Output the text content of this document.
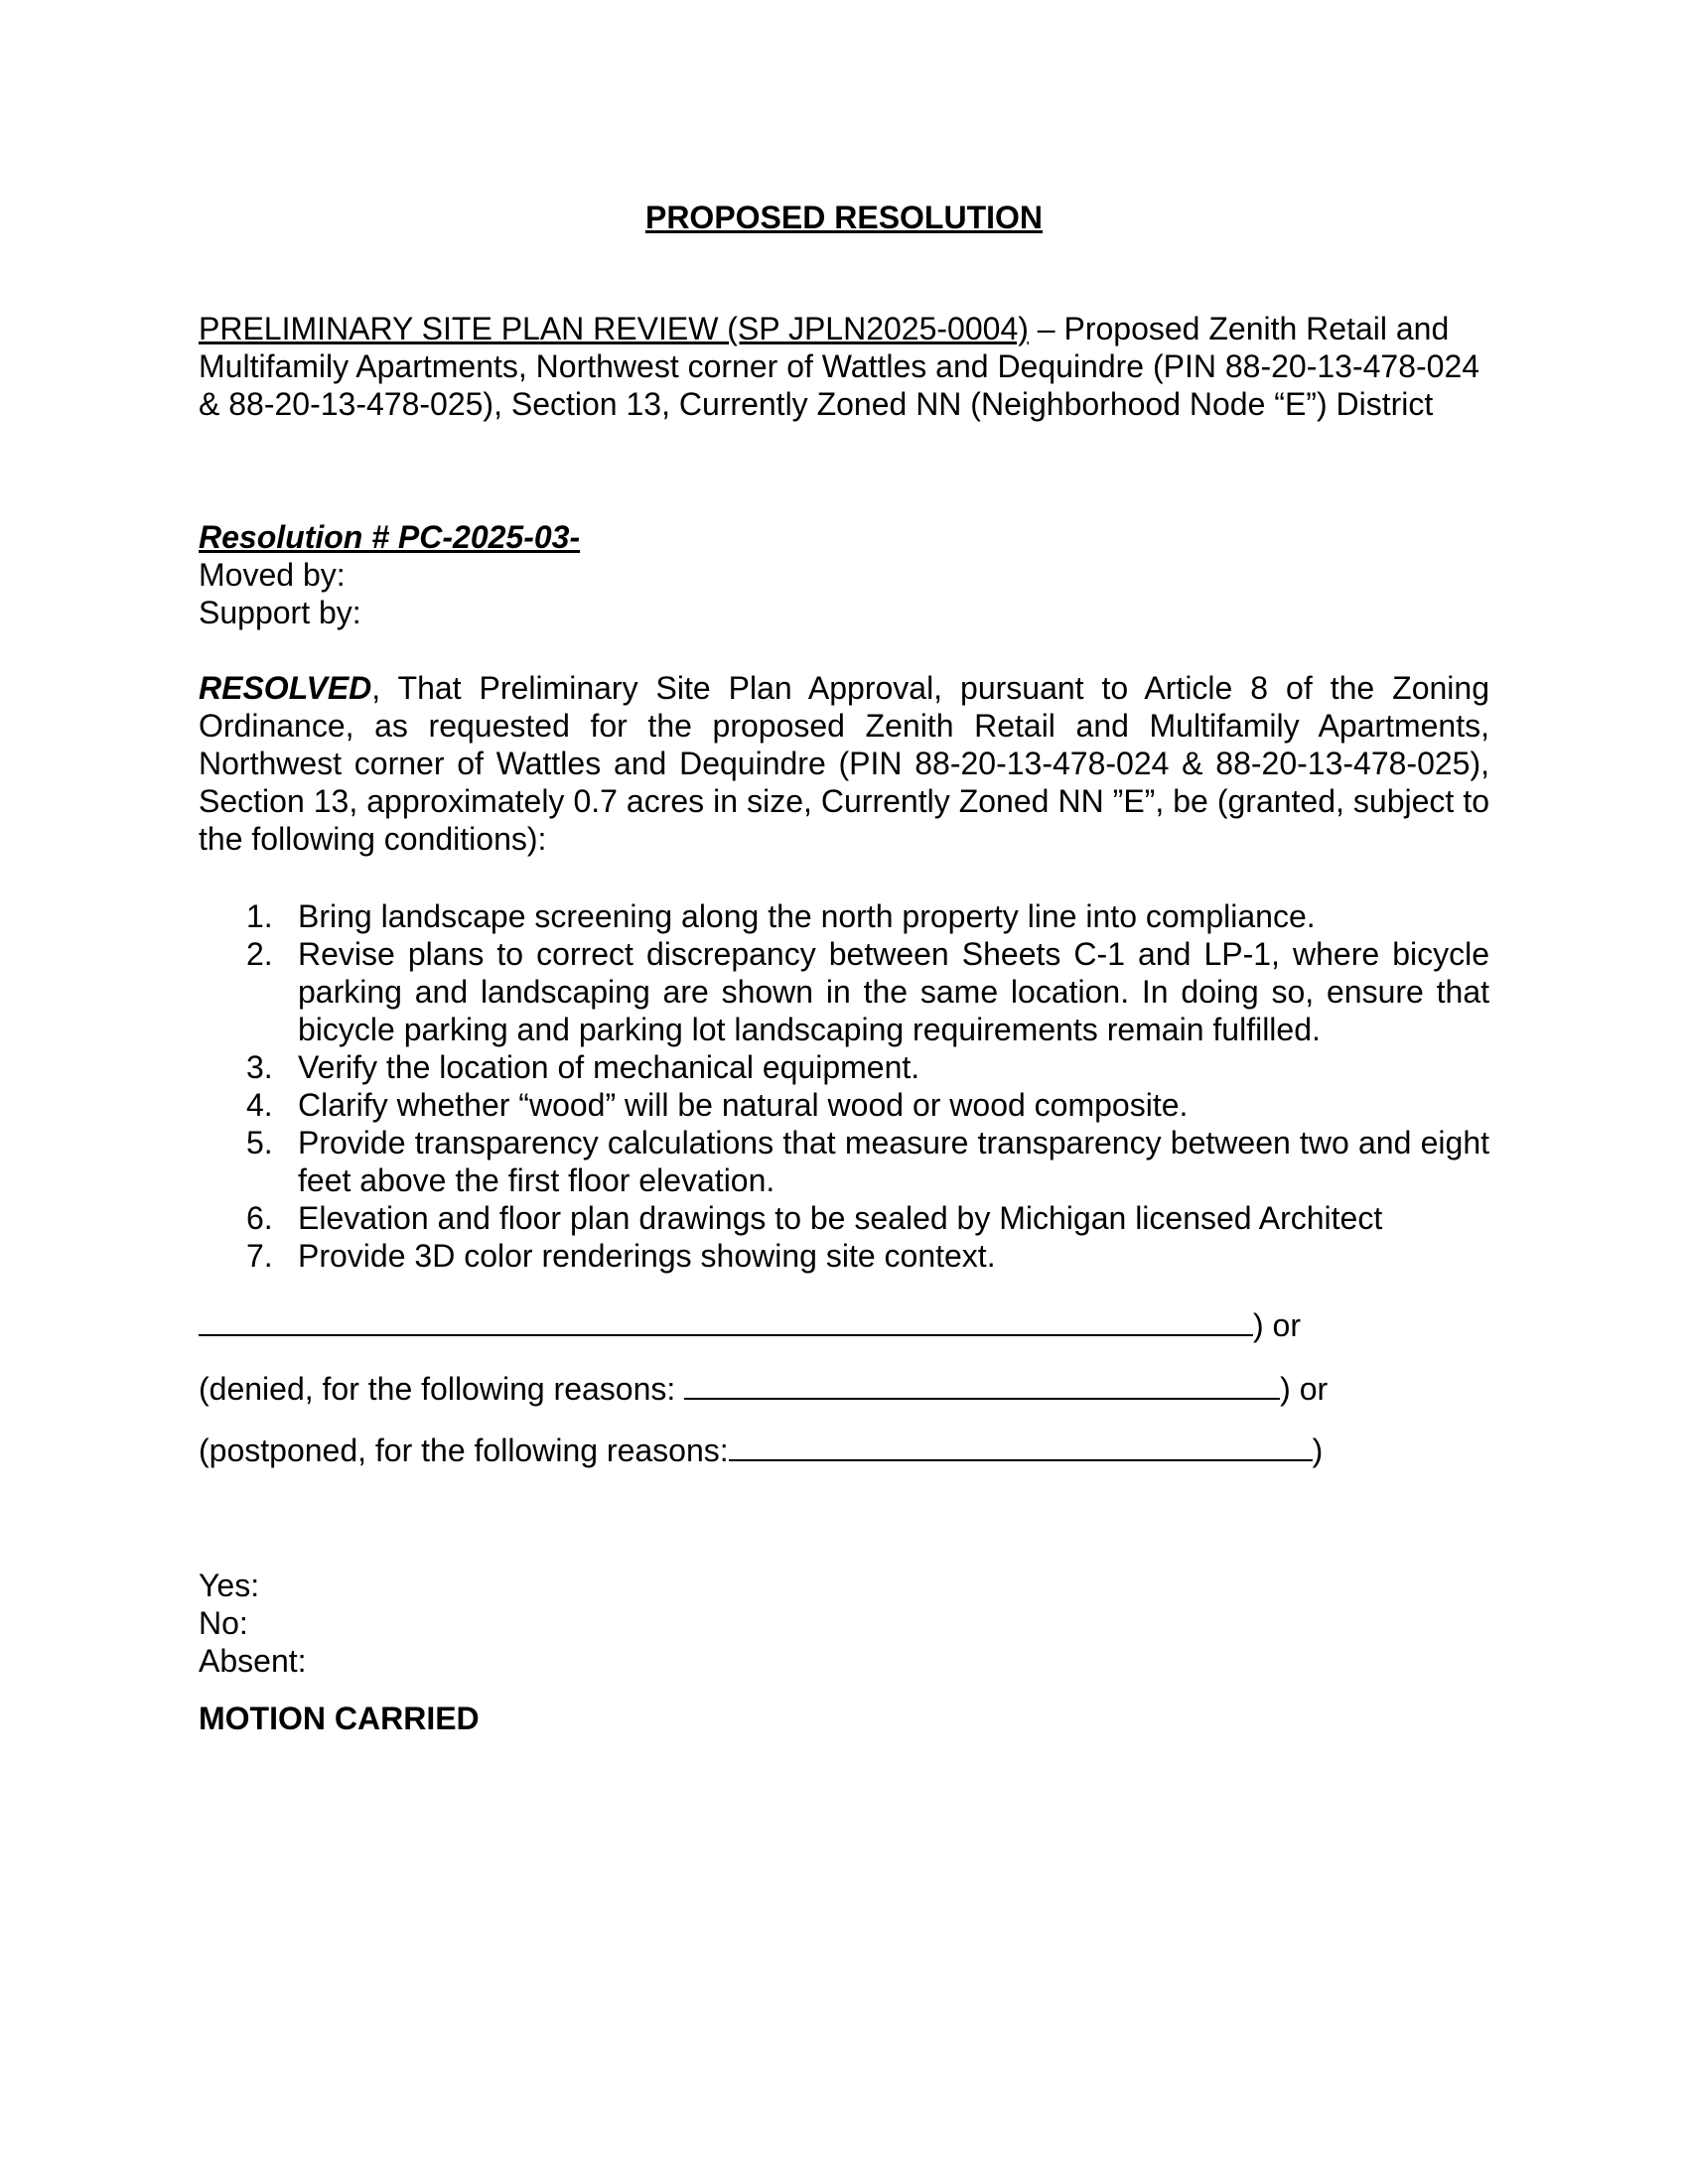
PROPOSED RESOLUTION
PRELIMINARY SITE PLAN REVIEW (SP JPLN2025-0004) – Proposed Zenith Retail and Multifamily Apartments, Northwest corner of Wattles and Dequindre (PIN 88-20-13-478-024 & 88-20-13-478-025), Section 13, Currently Zoned NN (Neighborhood Node “E”) District
Resolution # PC-2025-03-
Moved by:
Support by:
RESOLVED, That Preliminary Site Plan Approval, pursuant to Article 8 of the Zoning Ordinance, as requested for the proposed Zenith Retail and Multifamily Apartments, Northwest corner of Wattles and Dequindre (PIN 88-20-13-478-024 & 88-20-13-478-025), Section 13, approximately 0.7 acres in size, Currently Zoned NN ”E”, be (granted, subject to the following conditions):
1. Bring landscape screening along the north property line into compliance.
2. Revise plans to correct discrepancy between Sheets C-1 and LP-1, where bicycle parking and landscaping are shown in the same location. In doing so, ensure that bicycle parking and parking lot landscaping requirements remain fulfilled.
3. Verify the location of mechanical equipment.
4. Clarify whether “wood” will be natural wood or wood composite.
5. Provide transparency calculations that measure transparency between two and eight feet above the first floor elevation.
6. Elevation and floor plan drawings to be sealed by Michigan licensed Architect
7. Provide 3D color renderings showing site context.
) or
(denied, for the following reasons:	) or
(postponed, for the following reasons:	)
Yes:
No:
Absent:
MOTION CARRIED
